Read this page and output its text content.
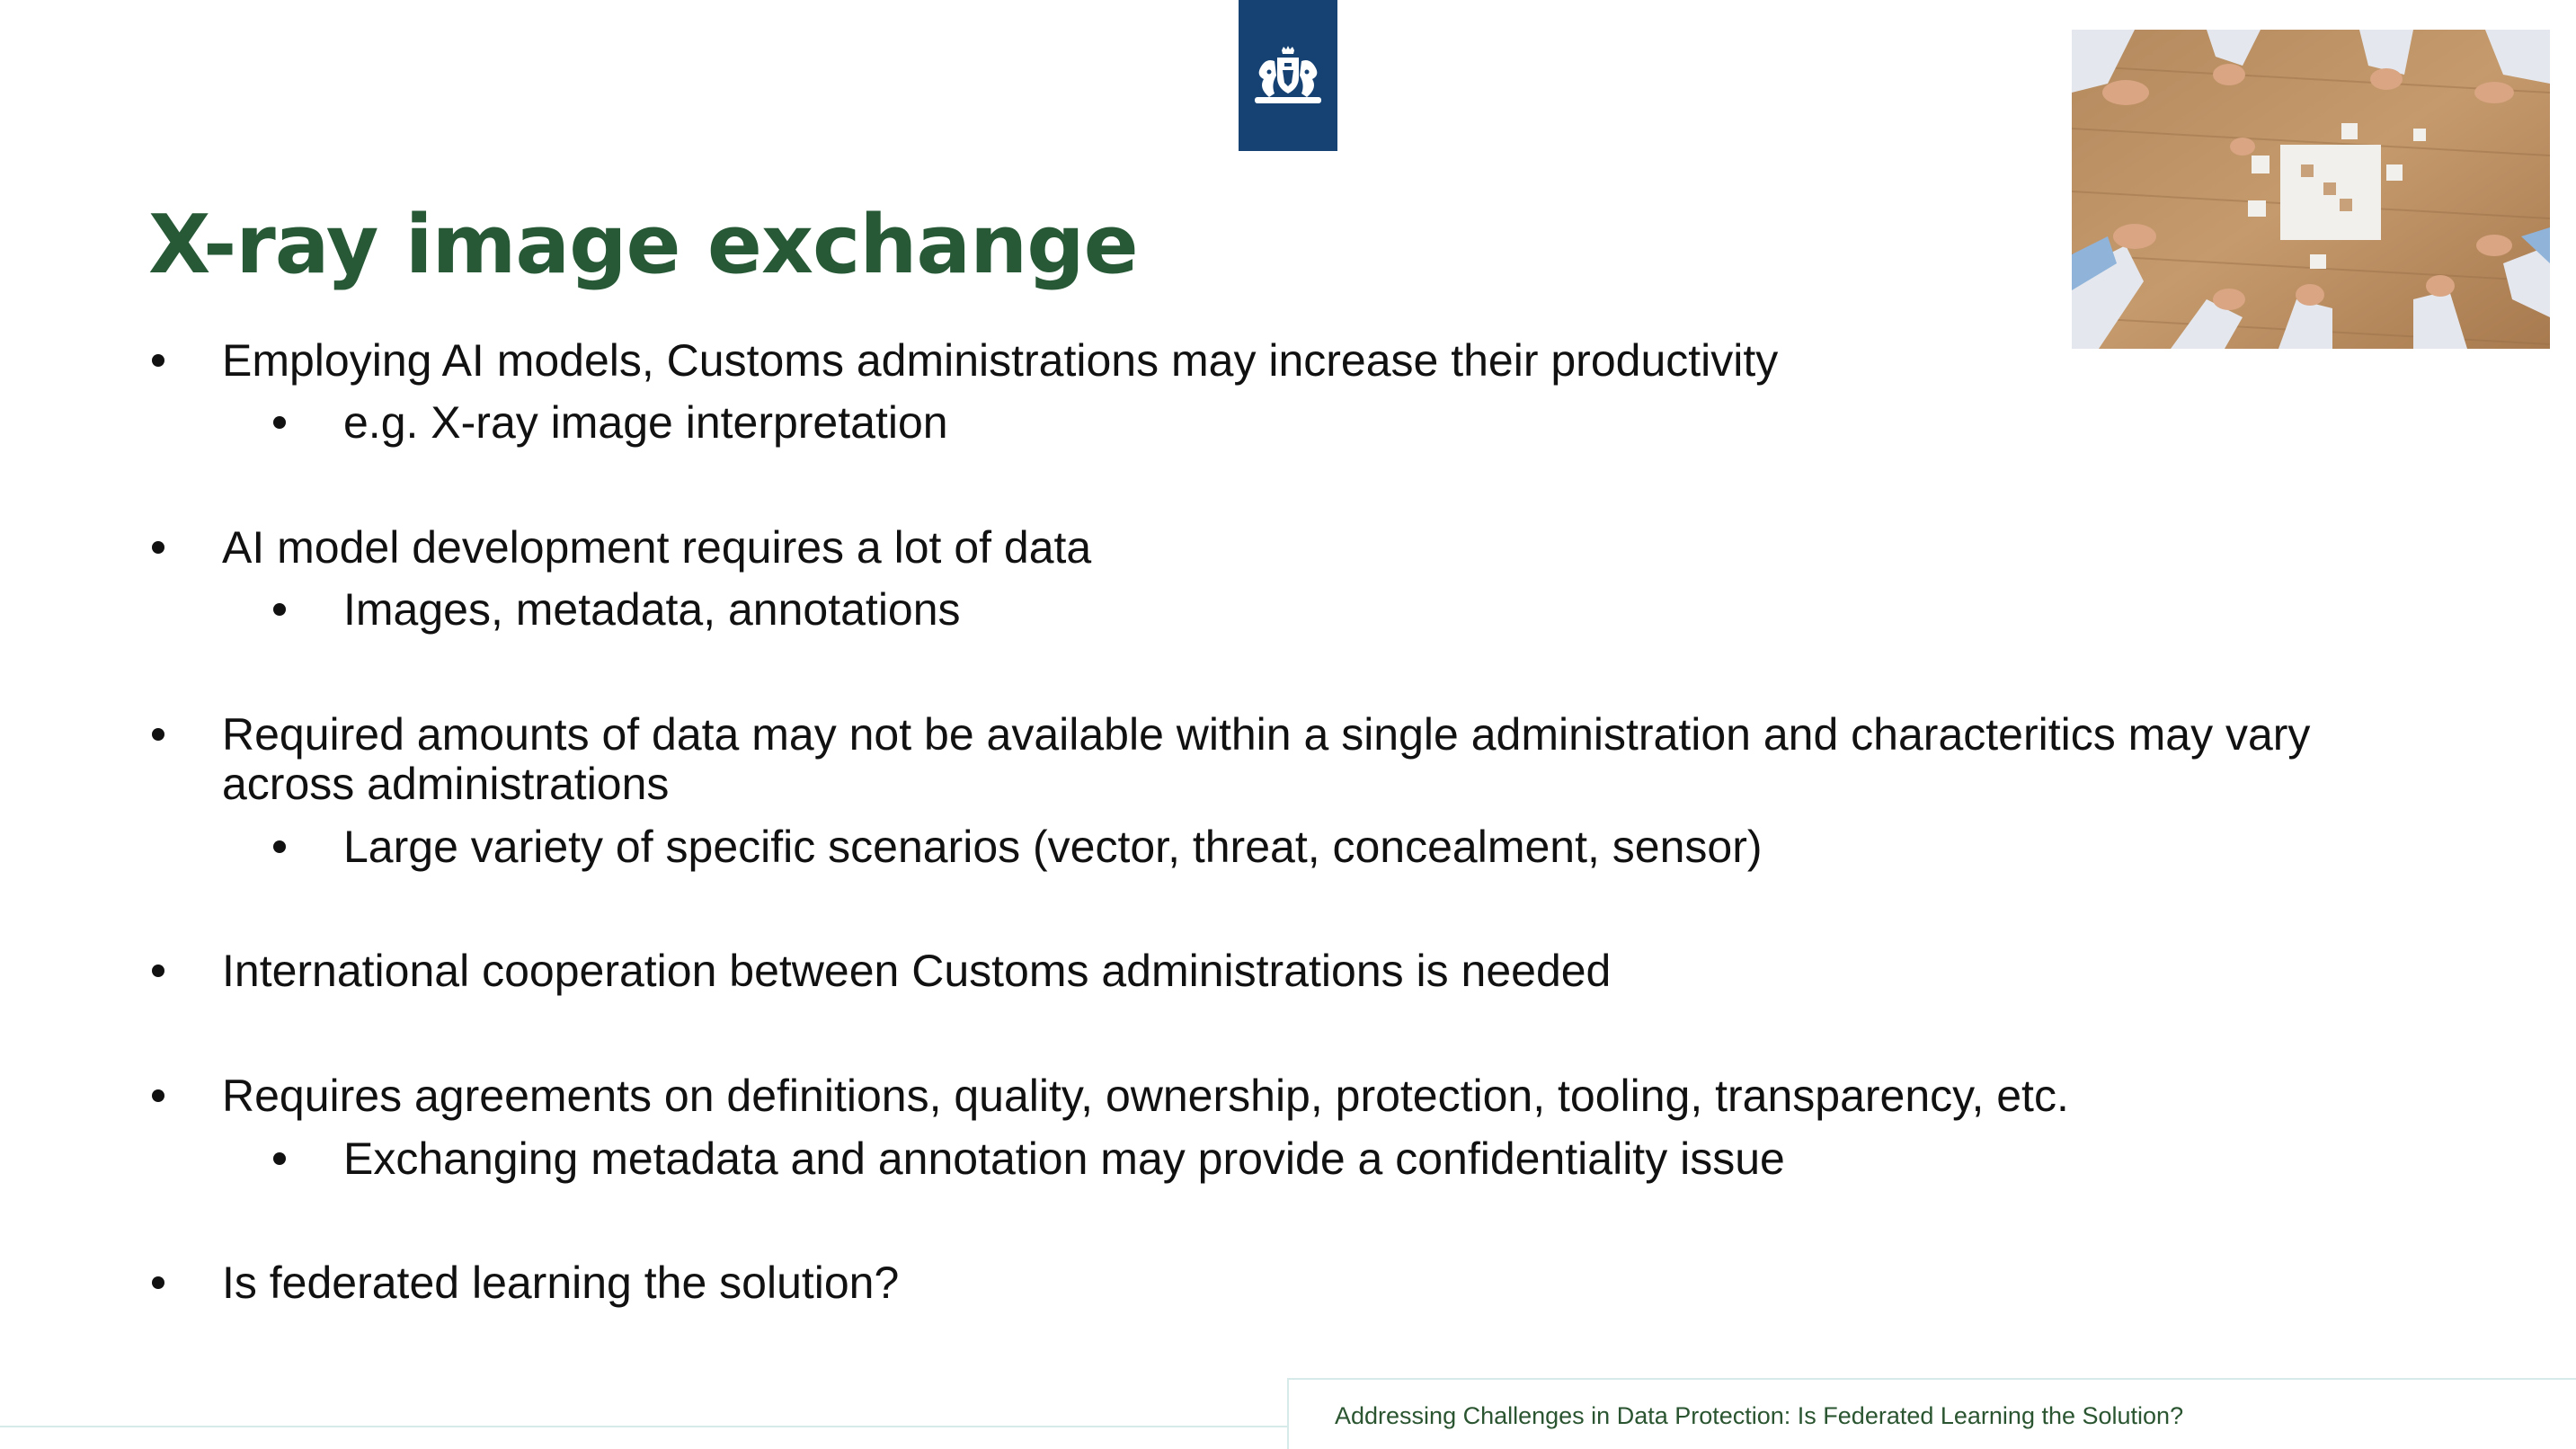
X-ray image exchange
Employing AI models, Customs administrations may increase their productivity
e.g. X-ray image interpretation
AI model development requires a lot of data
Images, metadata, annotations
Required amounts of data may not be available within a single administration and characteritics may vary
across administrations
Large variety of specific scenarios (vector, threat, concealment, sensor)
International cooperation between Customs administrations is needed
Requires agreements on definitions, quality, ownership, protection, tooling, transparency, etc.
Exchanging metadata and annotation may provide a confidentiality issue
Is federated learning the solution?
Addressing Challenges in Data Protection: Is Federated Learning the Solution?
